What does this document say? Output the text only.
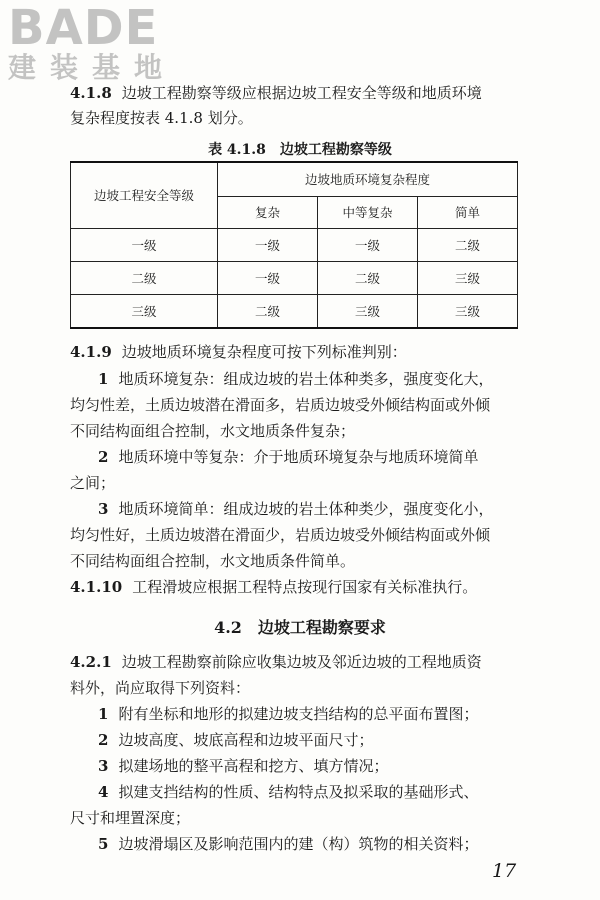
BADE
建装基地
4.1.8 边坡工程勘察等级应根据边坡工程安全等级和地质环境
复杂程度按表 4.1.8 划分。
表 4.1.8　边坡工程勘察等级
边坡工程安全等级	边坡地质环境复杂程度		
	复杂	中等复杂	简单
一级	一级	一级	二级
二级	一级	二级	三级
三级	二级	三级	三级
4.1.9 边坡地质环境复杂程度可按下列标准判别：
1 地质环境复杂：组成边坡的岩土体种类多，强度变化大，
均匀性差，土质边坡潜在滑面多，岩质边坡受外倾结构面或外倾
不同结构面组合控制，水文地质条件复杂；
2 地质环境中等复杂：介于地质环境复杂与地质环境简单
之间；
3 地质环境简单：组成边坡的岩土体种类少，强度变化小，
均匀性好，土质边坡潜在滑面少，岩质边坡受外倾结构面或外倾
不同结构面组合控制，水文地质条件简单。
4.1.10 工程滑坡应根据工程特点按现行国家有关标准执行。
4.2　 边坡工程勘察要求
4.2.1 边坡工程勘察前除应收集边坡及邻近边坡的工程地质资
料外，尚应取得下列资料：
1 附有坐标和地形的拟建边坡支挡结构的总平面布置图；
2 边坡高度、坡底高程和边坡平面尺寸；
3 拟建场地的整平高程和挖方、填方情况；
4 拟建支挡结构的性质、结构特点及拟采取的基础形式、
尺寸和埋置深度；
5 边坡滑塌区及影响范围内的建（构）筑物的相关资料；
17
